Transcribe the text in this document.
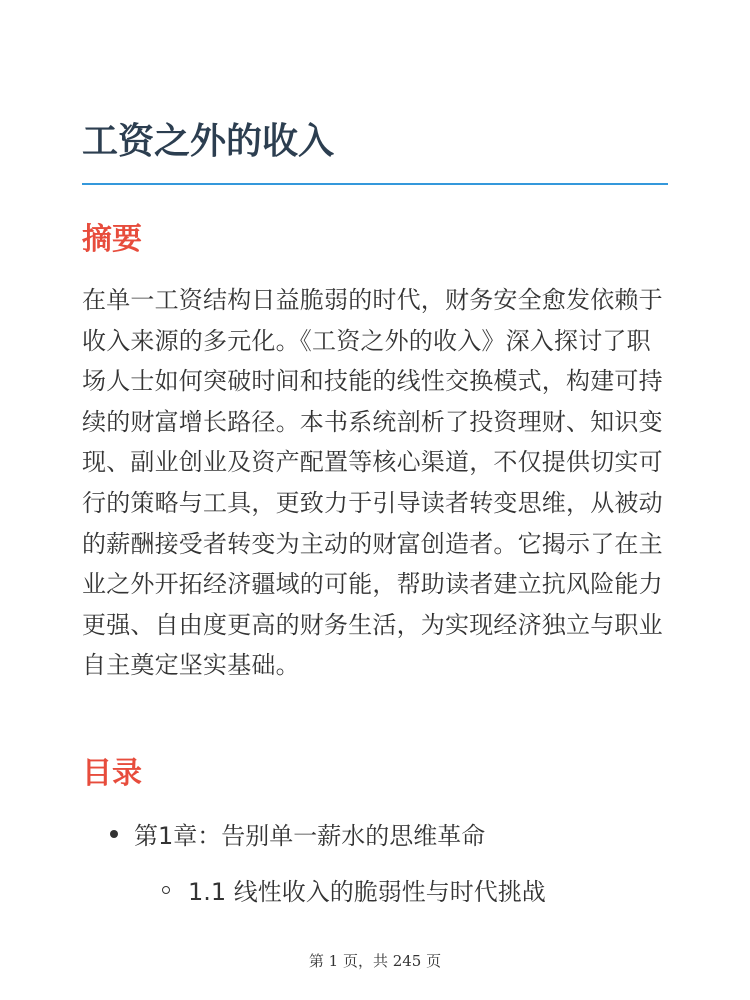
工资之外的收入
摘要

在单一工资结构日益脆弱的时代，财务安全愈发依赖于收入来源的多元化。《工资之外的收入》深入探讨了职场人士如何突破时间和技能的线性交换模式，构建可持续的财富增长路径。本书系统剖析了投资理财、知识变现、副业创业及资产配置等核心渠道，不仅提供切实可行的策略与工具，更致力于引导读者转变思维，从被动的薪酬接受者转变为主动的财富创造者。它揭示了在主业之外开拓经济疆域的可能，帮助读者建立抗风险能力更强、自由度更高的财务生活，为实现经济独立与职业自主奠定坚实基础。

目录
第1章：告别单一薪水的思维革命
1.1 线性收入的脆弱性与时代挑战
第 1 页，共 245 页
